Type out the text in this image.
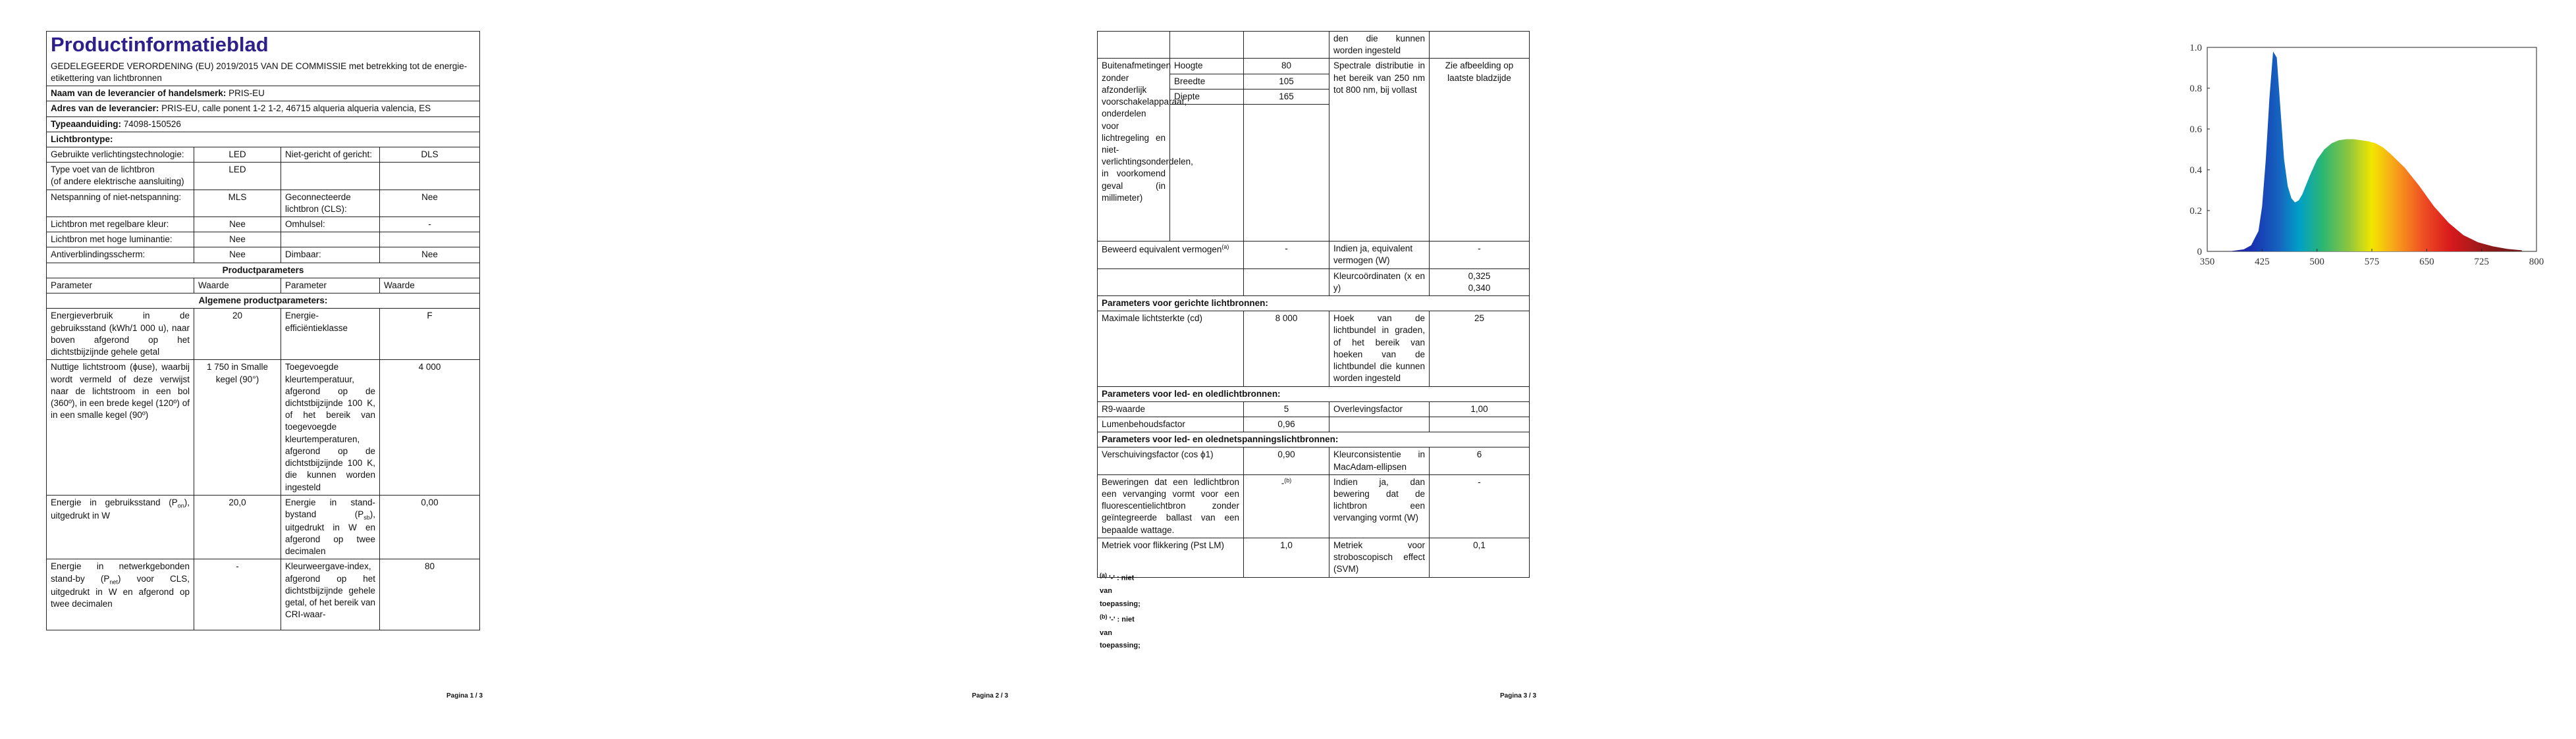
Productinformatieblad
GEDELEGEERDE VERORDENING (EU) 2019/2015 VAN DE COMMISSIE met betrekking tot de energie-etikettering van lichtbronnen			

Naam van de leverancier of handelsmerk: PRIS-EU			
Adres van de leverancier: PRIS-EU, calle ponent 1-2 1-2, 46715 alqueria alqueria valencia, ES			
Typeaanduiding: 74098-150526			
Lichtbrontype:			
Gebruikte verlichtingstechnologie:	LED	Niet-gericht of gericht:	DLS

Type voet van de lichtbron
(of andere elektrische aansluiting)	LED		
Netspanning of niet-netspanning:	MLS	Geconnecteerde lichtbron (CLS):	Nee
Lichtbron met regelbare kleur:	Nee	Omhulsel:	-
Lichtbron met hoge luminantie:	Nee		
Antiverblindingsscherm:	Nee	Dimbaar:	Nee
Productparameters			
Parameter	Waarde	Parameter	Waarde
Algemene productparameters:			
Energieverbruik in de gebruiksstand (kWh/1 000 u), naar boven afgerond op het dichtstbijzijnde gehele getal	20	Energie-efficiëntieklasse	F
Nuttige lichtstroom (ϕuse), waarbij wordt vermeld of deze verwijst naar de lichtstroom in een bol (360º), in een brede kegel (120º) of in een smalle kegel (90º)	1 750 in Smalle kegel (90°)	Toegevoegde kleurtemperatuur, afgerond op de dichtstbijzijnde 100 K, of het bereik van toegevoegde kleurtemperaturen, afgerond op de dichtstbijzijnde 100 K, die kunnen worden ingesteld	4 000
Energie in gebruiksstand $(P_{on})$, uitgedrukt in W	20,0	Energie in stand-bystand $(P_{sb})$, uitgedrukt in W en afgerond op twee decimalen	0,00
Energie in netwerkgebonden stand-by $(P_{net})$ voor CLS, uitgedrukt in W en afgerond op twee decimalen	-	Kleurweergave-index, afgerond op het dichtstbijzijnde gehele getal, of het bereik van CRI-waar-	80
Pagina 1 / 3
			den die kunnen worden ingesteld	
Buitenafmetingen zonder afzonderlijk voorschakelapparaat, onderdelen voor lichtregeling en niet-verlichtingsonderdelen, in voorkomend geval (in millimeter)	Hoogte	80	Spectrale distributie in het bereik van 250 nm tot 800 nm, bij vollast	Zie afbeelding op laatste bladzijde
	Breedte	105		
	Diepte	165		

Beweerd equivalent vermogen$^{(a)}$		-	Indien ja, equivalent vermogen (W)	-
			Kleurcoördinaten (x en y)	0,325
0,340

Parameters voor gerichte lichtbronnen:				
Maximale lichtsterkte (cd)		8 000	Hoek van de lichtbundel in graden, of het bereik van hoeken van de lichtbundel die kunnen worden ingesteld	25
Parameters voor led- en oledlichtbronnen:				
R9-waarde		5	Overlevingsfactor	1,00
Lumenbehoudsfactor		0,96		
Parameters voor led- en olednetspanningslichtbronnen:				
Verschuivingsfactor (cos ϕ1)		0,90	Kleurconsistentie in MacAdam-ellipsen	6
Beweringen dat een ledlichtbron een vervanging vormt voor een fluorescentielichtbron zonder geïntegreerde ballast van een bepaalde wattage.		-$^{(b)}$	Indien ja, dan bewering dat de lichtbron een vervanging vormt (W)	-
Metriek voor flikkering (Pst LM)		1,0	Metriek voor stroboscopisch effect (SVM)	0,1
$^{(a)}$ '-' : niet van toepassing;
$^{(b)}$ '-' : niet van toepassing;
Pagina 2 / 3
350	425	500	575	650	725	800
0
0.2
0.4
0.6
0.8
1.0
Pagina 3 / 3
